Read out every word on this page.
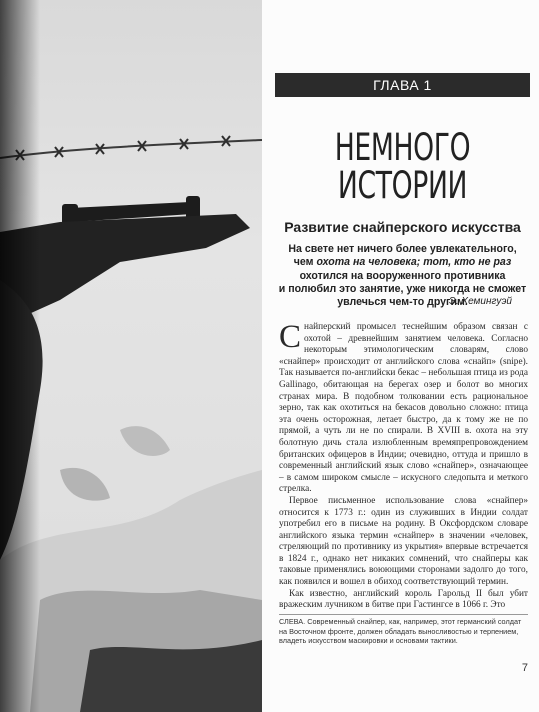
ГЛАВА 1
НЕМНОГО
ИСТОРИИ
Развитие снайперского искусства
На свете нет ничего более увлекательного,
чем охота на человека; тот, кто не раз
охотился на вооруженного противника
и полюбил это занятие, уже никогда не сможет
увлечься чем-то другим.
Э. Хемингуэй

Снайперский промысел теснейшим образом связан с охотой – древнейшим занятием человека. Согласно некоторым этимологическим словарям, слово «снайпер» происходит от английского слова «снайп» (snipe). Так называется по-английски бекас – небольшая птица из рода Gallinago, обитающая на берегах озер и болот во многих странах мира. В подобном толковании есть рациональное зерно, так как охотиться на бекасов довольно сложно: птица эта очень осторожная, летает быстро, да к тому же не по прямой, а чуть ли не по спирали. В XVIII в. охота на эту болотную дичь стала излюбленным времяпрепровождением британских офицеров в Индии; очевидно, оттуда и пришло в современный английский язык слово «снайпер», означающее – в самом широком смысле – искусного следопыта и меткого стрелка.

Первое письменное использование слова «снайпер» относится к 1773 г.: один из служивших в Индии солдат употребил его в письме на родину. В Оксфордском словаре английского языка термин «снайпер» в значении «человек, стреляющий по противнику из укрытия» впервые встречается в 1824 г., однако нет никаких сомнений, что снайперы как таковые применялись воюющими сторонами задолго до того, как появился и вошел в обиход соответствующий термин.

Как известно, английский король Гарольд II был убит вражеским лучником в битве при Гастингсе в 1066 г. Это

СЛЕВА. Современный снайпер, как, например, этот германский солдат на Восточном фронте, должен обладать выносливостью и терпением, владеть искусством маскировки и основами тактики.
7
